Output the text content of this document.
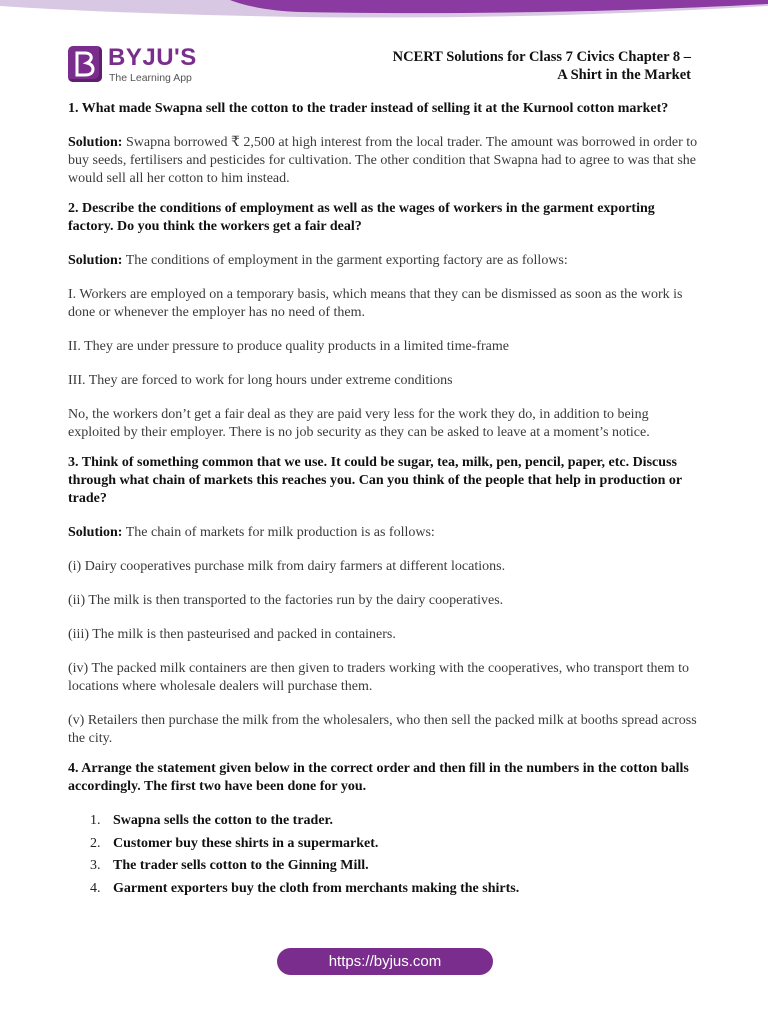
BYJU'S
The Learning App
NCERT Solutions for Class 7 Civics Chapter 8 –
A Shirt in the Market

1. What made Swapna sell the cotton to the trader instead of selling it at the Kurnool cotton market?

Solution: Swapna borrowed ₹ 2,500 at high interest from the local trader. The amount was borrowed in order to buy seeds, fertilisers and pesticides for cultivation. The other condition that Swapna had to agree to was that she would sell all her cotton to him instead.

2. Describe the conditions of employment as well as the wages of workers in the garment exporting factory. Do you think the workers get a fair deal?

Solution: The conditions of employment in the garment exporting factory are as follows:

I. Workers are employed on a temporary basis, which means that they can be dismissed as soon as the work is done or whenever the employer has no need of them.

II. They are under pressure to produce quality products in a limited time-frame

III. They are forced to work for long hours under extreme conditions

No, the workers don’t get a fair deal as they are paid very less for the work they do, in addition to being exploited by their employer. There is no job security as they can be asked to leave at a moment’s notice.

3. Think of something common that we use. It could be sugar, tea, milk, pen, pencil, paper, etc. Discuss through what chain of markets this reaches you. Can you think of the people that help in production or trade?

Solution: The chain of markets for milk production is as follows:

(i) Dairy cooperatives purchase milk from dairy farmers at different locations.

(ii) The milk is then transported to the factories run by the dairy cooperatives.

(iii) The milk is then pasteurised and packed in containers.

(iv) The packed milk containers are then given to traders working with the cooperatives, who transport them to locations where wholesale dealers will purchase them.

(v) Retailers then purchase the milk from the wholesalers, who then sell the packed milk at booths spread across the city.

4. Arrange the statement given below in the correct order and then fill in the numbers in the cotton balls accordingly. The first two have been done for you.

1. Swapna sells the cotton to the trader.
2. Customer buy these shirts in a supermarket.
3. The trader sells cotton to the Ginning Mill.
4. Garment exporters buy the cloth from merchants making the shirts.
https://byjus.com
